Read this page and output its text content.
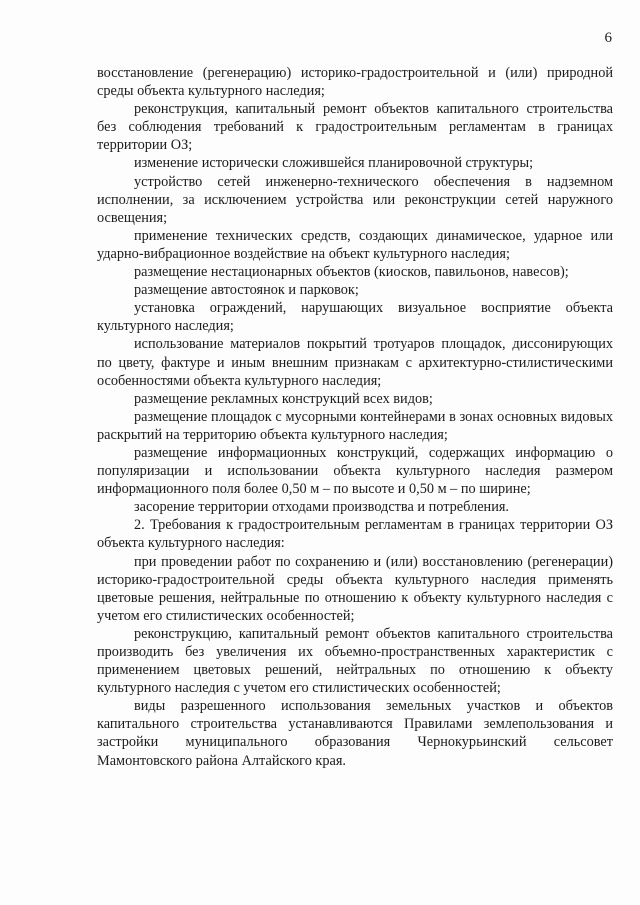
6

восстановление (регенерацию) историко-градостроительной и (или) природной среды объекта культурного наследия;

реконструкция, капитальный ремонт объектов капитального строительства без соблюдения требований к градостроительным регламентам в границах территории ОЗ;

изменение исторически сложившейся планировочной структуры;

устройство сетей инженерно-технического обеспечения в надземном исполнении, за исключением устройства или реконструкции сетей наружного освещения;

применение технических средств, создающих динамическое, ударное или ударно-вибрационное воздействие на объект культурного наследия;

размещение нестационарных объектов (киосков, павильонов, навесов);

размещение автостоянок и парковок;

установка ограждений, нарушающих визуальное восприятие объекта культурного наследия;

использование материалов покрытий тротуаров площадок, диссонирующих по цвету, фактуре и иным внешним признакам с архитектурно-стилистическими особенностями объекта культурного наследия;

размещение рекламных конструкций всех видов;

размещение площадок с мусорными контейнерами в зонах основных видовых раскрытий на территорию объекта культурного наследия;

размещение информационных конструкций, содержащих информацию о популяризации и использовании объекта культурного наследия размером информационного поля более 0,50 м – по высоте и 0,50 м – по ширине;

засорение территории отходами производства и потребления.

2. Требования к градостроительным регламентам в границах территории ОЗ объекта культурного наследия:

при проведении работ по сохранению и (или) восстановлению (регенерации) историко-градостроительной среды объекта культурного наследия применять цветовые решения, нейтральные по отношению к объекту культурного наследия с учетом его стилистических особенностей;

реконструкцию, капитальный ремонт объектов капитального строительства производить без увеличения их объемно-пространственных характеристик с применением цветовых решений, нейтральных по отношению к объекту культурного наследия с учетом его стилистических особенностей;

виды разрешенного использования земельных участков и объектов капитального строительства устанавливаются Правилами землепользования и застройки муниципального образования Чернокурьинский сельсовет Мамонтовского района Алтайского края.
